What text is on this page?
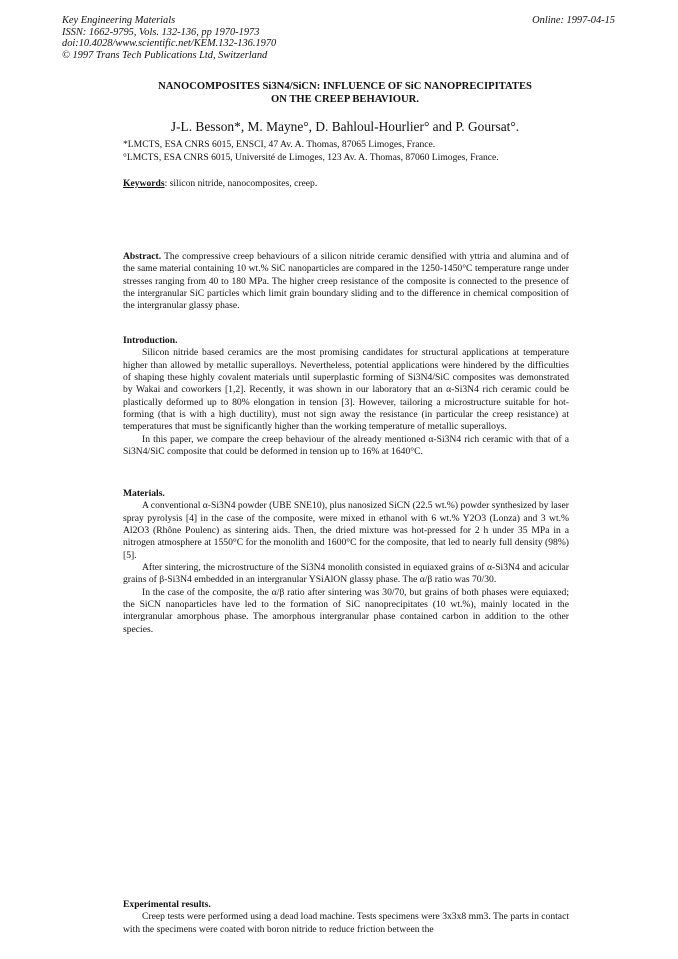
Key Engineering Materials
ISSN: 1662-9795, Vols. 132-136, pp 1970-1973
doi:10.4028/www.scientific.net/KEM.132-136.1970
© 1997 Trans Tech Publications Ltd, Switzerland
Online: 1997-04-15
NANOCOMPOSITES Si3N4/SiCN: INFLUENCE OF SiC NANOPRECIPITATES
ON THE CREEP BEHAVIOUR.
J-L. Besson*, M. Mayne°, D. Bahloul-Hourlier° and P. Goursat°.
*LMCTS, ESA CNRS 6015, ENSCI, 47 Av. A. Thomas, 87065 Limoges, France.
°LMCTS, ESA CNRS 6015, Université de Limoges, 123 Av. A. Thomas, 87060 Limoges, France.
Keywords: silicon nitride, nanocomposites, creep.
Abstract. The compressive creep behaviours of a silicon nitride ceramic densified with yttria and alumina and of the same material containing 10 wt.% SiC nanoparticles are compared in the 1250-1450°C temperature range under stresses ranging from 40 to 180 MPa. The higher creep resistance of the composite is connected to the presence of the intergranular SiC particles which limit grain boundary sliding and to the difference in chemical composition of the intergranular glassy phase.
Introduction.
Silicon nitride based ceramics are the most promising candidates for structural applications at temperature higher than allowed by metallic superalloys. Nevertheless, potential applications were hindered by the difficulties of shaping these highly covalent materials until superplastic forming of Si3N4/SiC composites was demonstrated by Wakai and coworkers [1,2]. Recently, it was shown in our laboratory that an α-Si3N4 rich ceramic could be plastically deformed up to 80% elongation in tension [3]. However, tailoring a microstructure suitable for hot-forming (that is with a high ductility), must not sign away the resistance (in particular the creep resistance) at temperatures that must be significantly higher than the working temperature of metallic superalloys.
In this paper, we compare the creep behaviour of the already mentioned α-Si3N4 rich ceramic with that of a Si3N4/SiC composite that could be deformed in tension up to 16% at 1640°C.
Materials.
A conventional α-Si3N4 powder (UBE SNE10), plus nanosized SiCN (22.5 wt.%) powder synthesized by laser spray pyrolysis [4] in the case of the composite, were mixed in ethanol with 6 wt.% Y2O3 (Lonza) and 3 wt.% Al2O3 (Rhône Poulenc) as sintering aids. Then, the dried mixture was hot-pressed for 2 h under 35 MPa in a nitrogen atmosphere at 1550°C for the monolith and 1600°C for the composite, that led to nearly full density (98%)[5].
After sintering, the microstructure of the Si3N4 monolith consisted in equiaxed grains of α-Si3N4 and acicular grains of β-Si3N4 embedded in an intergranular YSiAlON glassy phase. The α/β ratio was 70/30.
In the case of the composite, the α/β ratio after sintering was 30/70, but grains of both phases were equiaxed; the SiCN nanoparticles have led to the formation of SiC nanoprecipitates (10 wt.%), mainly located in the intergranular amorphous phase. The amorphous intergranular phase contained carbon in addition to the other species.
Experimental results.
Creep tests were performed using a dead load machine. Tests specimens were 3x3x8 mm3. The parts in contact with the specimens were coated with boron nitride to reduce friction between the
